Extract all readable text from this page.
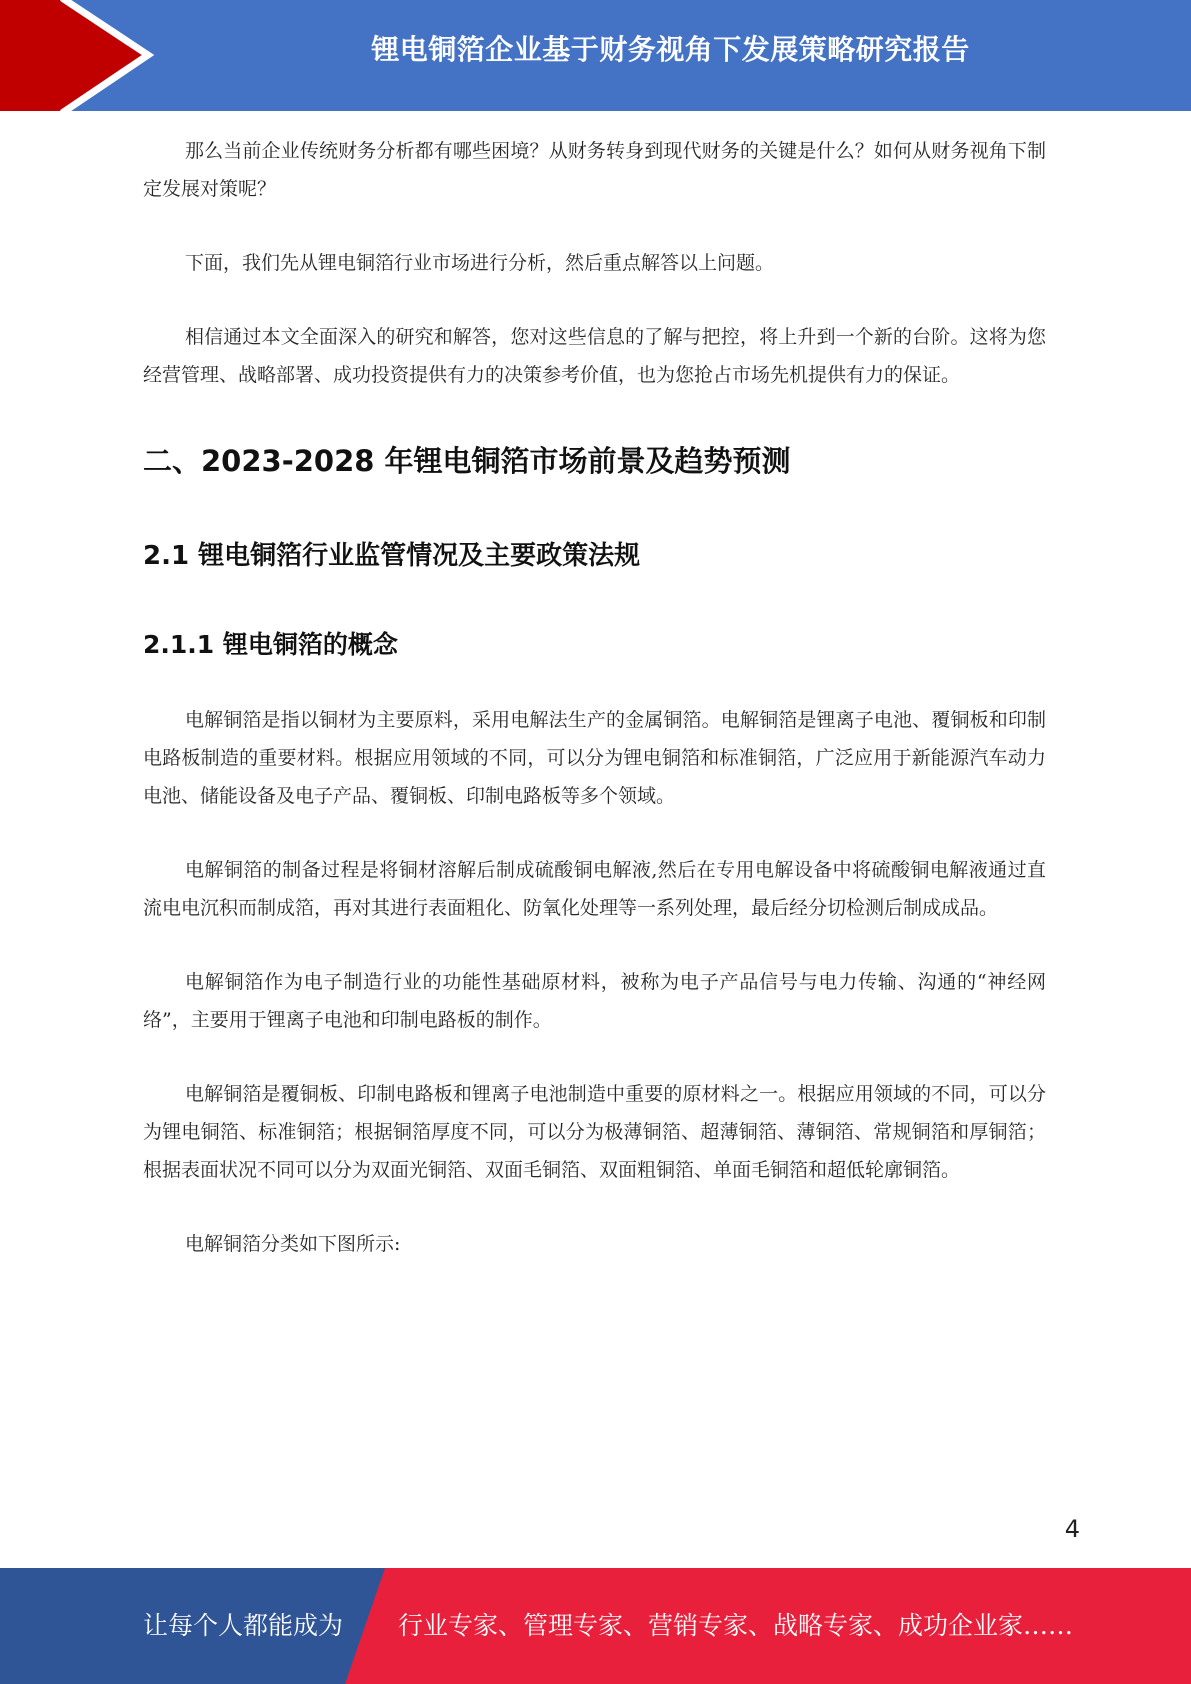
锂电铜箔企业基于财务视角下发展策略研究报告

那么当前企业传统财务分析都有哪些困境？从财务转身到现代财务的关键是什么？如何从财务视角下制定发展对策呢？

下面，我们先从锂电铜箔行业市场进行分析，然后重点解答以上问题。

相信通过本文全面深入的研究和解答，您对这些信息的了解与把控，将上升到一个新的台阶。这将为您经营管理、战略部署、成功投资提供有力的决策参考价值，也为您抢占市场先机提供有力的保证。

二、2023-2028 年锂电铜箔市场前景及趋势预测
2.1 锂电铜箔行业监管情况及主要政策法规
2.1.1 锂电铜箔的概念

电解铜箔是指以铜材为主要原料，采用电解法生产的金属铜箔。电解铜箔是锂离子电池、覆铜板和印制电路板制造的重要材料。根据应用领域的不同，可以分为锂电铜箔和标准铜箔，广泛应用于新能源汽车动力电池、储能设备及电子产品、覆铜板、印制电路板等多个领域。

电解铜箔的制备过程是将铜材溶解后制成硫酸铜电解液,然后在专用电解设备中将硫酸铜电解液通过直流电电沉积而制成箔，再对其进行表面粗化、防氧化处理等一系列处理，最后经分切检测后制成成品。

电解铜箔作为电子制造行业的功能性基础原材料，被称为电子产品信号与电力传输、沟通的“神经网络”，主要用于锂离子电池和印制电路板的制作。

电解铜箔是覆铜板、印制电路板和锂离子电池制造中重要的原材料之一。根据应用领域的不同，可以分为锂电铜箔、标准铜箔；根据铜箔厚度不同，可以分为极薄铜箔、超薄铜箔、薄铜箔、常规铜箔和厚铜箔；根据表面状况不同可以分为双面光铜箔、双面毛铜箔、双面粗铜箔、单面毛铜箔和超低轮廓铜箔。

电解铜箔分类如下图所示:

4
让每个人都能成为 行业专家、管理专家、营销专家、战略专家、成功企业家……
